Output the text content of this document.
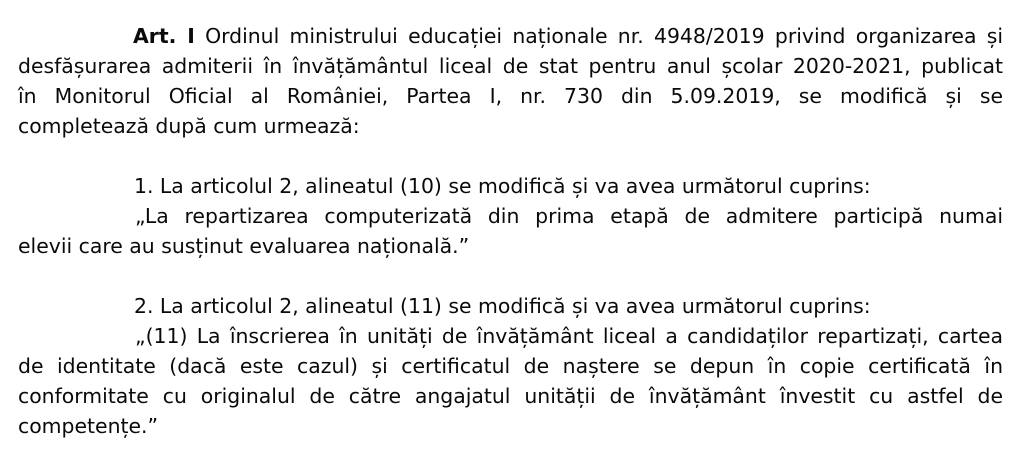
Art. I Ordinul ministrului educației naționale nr. 4948/2019 privind organizarea și
desfășurarea admiterii în învățământul liceal de stat pentru anul școlar 2020-2021, publicat
în Monitorul Oficial al României, Partea I, nr. 730 din 5.09.2019, se modifică și se
completează după cum urmează:
1. La articolul 2, alineatul (10) se modifică și va avea următorul cuprins:
„La repartizarea computerizată din prima etapă de admitere participă numai
elevii care au susținut evaluarea națională.”
2. La articolul 2, alineatul (11) se modifică și va avea următorul cuprins:
„(11) La înscrierea în unități de învățământ liceal a candidaților repartizați, cartea
de identitate (dacă este cazul) și certificatul de naștere se depun în copie certificată în
conformitate cu originalul de către angajatul unității de învățământ învestit cu astfel de
competențe.”
